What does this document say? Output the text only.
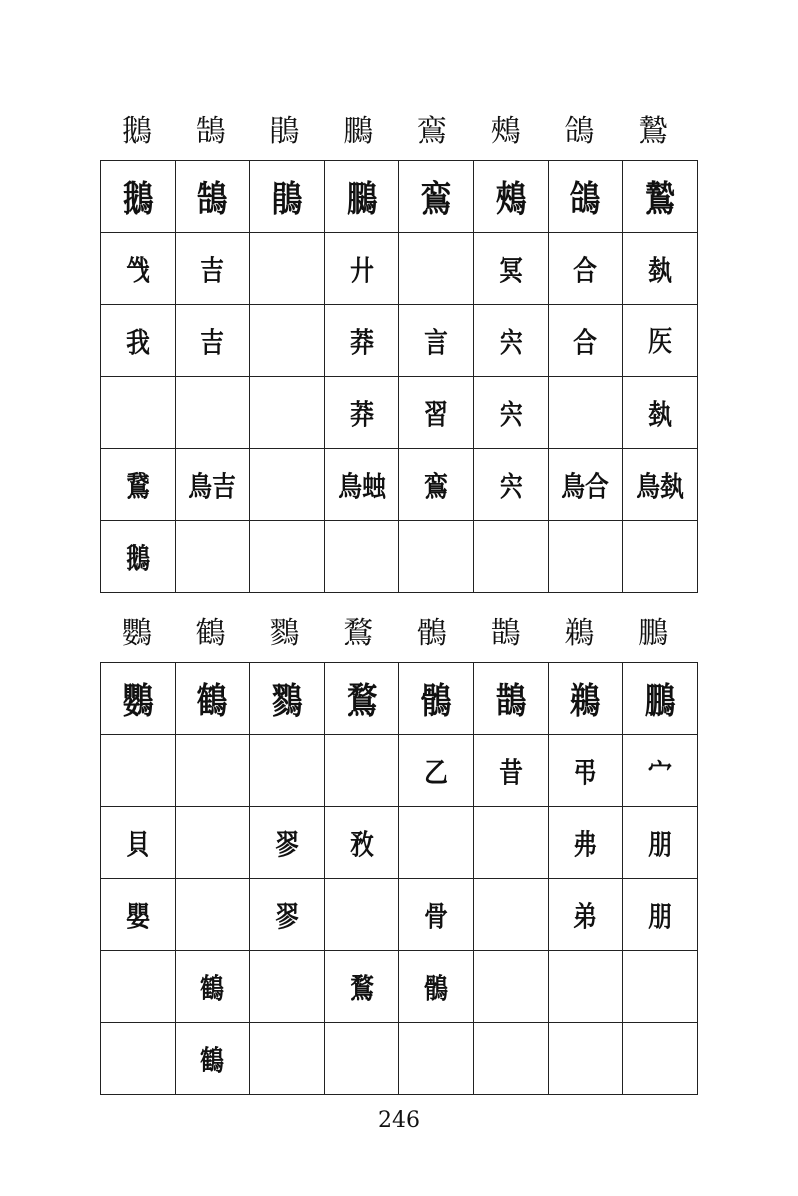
鵝	鵠	鵑	鵩	鵉	鵊	鴿	鷙
鵝	鵠	鵑	鵩	鵉	鵊	鴿	鷙
㦰	吉		廾		冥	合	埶
我	吉		莽	言	宍	合	𥎦
			莽	習	宍		埶
鵞	鳥吉		鳥䖵	鵉	宍	鳥合	鳥埶
鵝							
鸚	鶴	鷚	鶩	鶻	鵲	鵜	鵬
鸚	鶴	鷚	鶩	鶻	鵲	鵜	鵬
				乙	昔	弔	宀
貝		翏	敄			弗	朋
嬰		翏		骨		弟	朋
	鶴		鶩	鶻			
	鶴						
246
